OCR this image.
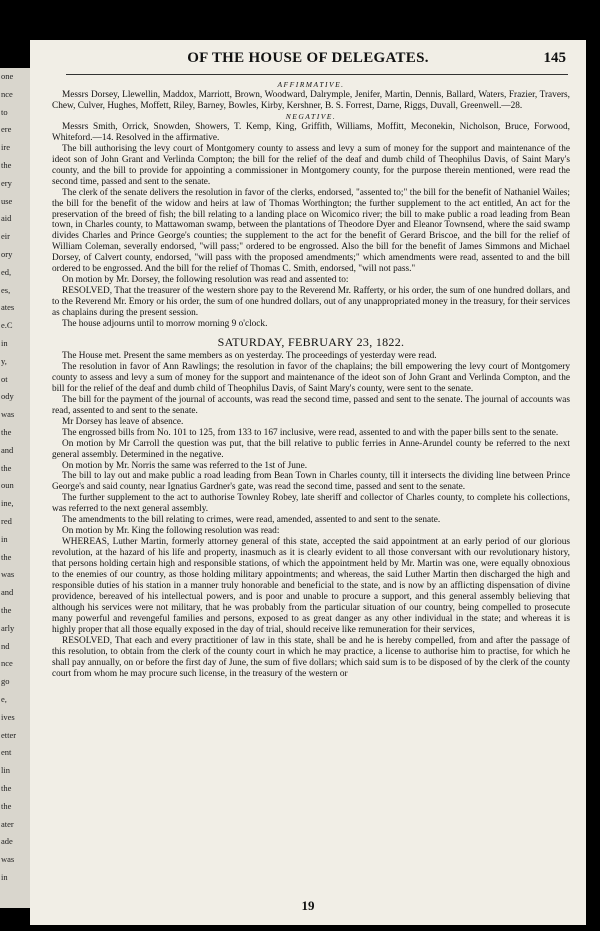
one
nce
to
ere
ire
the
ery
use
aid
eir
ory
ed,
es,
ates
e.C
in
y,
ot
ody
was
the
and
the
oun
ine,
red
in
the
was
and
the
arly
nd
nce
go
e,
ives
etter
ent
lin
the
the
ater
ade
was
in
OF THE HOUSE OF DELEGATES.	145

AFFIRMATIVE.

Messrs Dorsey, Llewellin, Maddox, Marriott, Brown, Woodward, Dalrymple, Jenifer, Martin, Dennis, Ballard, Waters, Frazier, Travers, Chew, Culver, Hughes, Moffett, Riley, Barney, Bowles, Kirby, Kershner, B. S. Forrest, Darne, Riggs, Duvall, Greenwell.—28.

NEGATIVE.

Messrs Smith, Orrick, Snowden, Showers, T. Kemp, King, Griffith, Williams, Moffitt, Meconekin, Nicholson, Bruce, Forwood, Whiteford.—14. Resolved in the affirmative.

The bill authorising the levy court of Montgomery county to assess and levy a sum of money for the support and maintenance of the ideot son of John Grant and Verlinda Compton; the bill for the relief of the deaf and dumb child of Theophilus Davis, of Saint Mary's county, and the bill to provide for appointing a commissioner in Montgomery county, for the purpose therein mentioned, were read the second time, passed and sent to the senate.

The clerk of the senate delivers the resolution in favor of the clerks, endorsed, "assented to;" the bill for the benefit of Nathaniel Wailes; the bill for the benefit of the widow and heirs at law of Thomas Worthington; the further supplement to the act entitled, An act for the preservation of the breed of fish; the bill relating to a landing place on Wicomico river; the bill to make public a road leading from Bean town, in Charles county, to Mattawoman swamp, between the plantations of Theodore Dyer and Eleanor Townsend, where the said swamp divides Charles and Prince George's counties; the supplement to the act for the benefit of Gerard Briscoe, and the bill for the relief of William Coleman, severally endorsed, "will pass;" ordered to be engrossed. Also the bill for the benefit of James Simmons and Michael Dorsey, of Calvert county, endorsed, "will pass with the proposed amendments;" which amendments were read, assented to and the bill ordered to be engrossed. And the bill for the relief of Thomas C. Smith, endorsed, "will not pass."

On motion by Mr. Dorsey, the following resolution was read and assented to:

RESOLVED, That the treasurer of the western shore pay to the Reverend Mr. Rafferty, or his order, the sum of one hundred dollars, and to the Reverend Mr. Emory or his order, the sum of one hundred dollars, out of any unappropriated money in the treasury, for their services as chaplains during the present session.

The house adjourns until to morrow morning 9 o'clock.

SATURDAY, FEBRUARY 23, 1822.

The House met. Present the same members as on yesterday. The proceedings of yesterday were read.

The resolution in favor of Ann Rawlings; the resolution in favor of the chaplains; the bill empowering the levy court of Montgomery county to assess and levy a sum of money for the support and maintenance of the ideot son of John Grant and Verlinda Compton, and the bill for the relief of the deaf and dumb child of Theophilus Davis, of Saint Mary's county, were sent to the senate.

The bill for the payment of the journal of accounts, was read the second time, passed and sent to the senate. The journal of accounts was read, assented to and sent to the senate.

Mr Dorsey has leave of absence.

The engrossed bills from No. 101 to 125, from 133 to 167 inclusive, were read, assented to and with the paper bills sent to the senate.

On motion by Mr Carroll the question was put, that the bill relative to public ferries in Anne-Arundel county be referred to the next general assembly. Determined in the negative.

On motion by Mr. Norris the same was referred to the 1st of June.

The bill to lay out and make public a road leading from Bean Town in Charles county, till it intersects the dividing line between Prince George's and said county, near Ignatius Gardner's gate, was read the second time, passed and sent to the senate.

The further supplement to the act to authorise Townley Robey, late sheriff and collector of Charles county, to complete his collections, was referred to the next general assembly.

The amendments to the bill relating to crimes, were read, amended, assented to and sent to the senate.

On motion by Mr. King the following resolution was read:

WHEREAS, Luther Martin, formerly attorney general of this state, accepted the said appointment at an early period of our glorious revolution, at the hazard of his life and property, inasmuch as it is clearly evident to all those conversant with our revolutionary history, that persons holding certain high and responsible stations, of which the appointment held by Mr. Martin was one, were equally obnoxious to the enemies of our country, as those holding military appointments; and whereas, the said Luther Martin then discharged the high and responsible duties of his station in a manner truly honorable and beneficial to the state, and is now by an afflicting dispensation of divine providence, bereaved of his intellectual powers, and is poor and unable to procure a support, and this general assembly believing that although his services were not military, that he was probably from the particular situation of our country, being compelled to prosecute many powerful and revengeful families and persons, exposed to as great danger as any other individual in the state; and whereas it is highly proper that all those equally exposed in the day of trial, should receive like remuneration for their services,

RESOLVED, That each and every practitioner of law in this state, shall be and he is hereby compelled, from and after the passage of this resolution, to obtain from the clerk of the county court in which he may practice, a license to authorise him to practise, for which he shall pay annually, on or before the first day of June, the sum of five dollars; which said sum is to be disposed of by the clerk of the county court from whom he may procure such license, in the treasury of the western or

19
